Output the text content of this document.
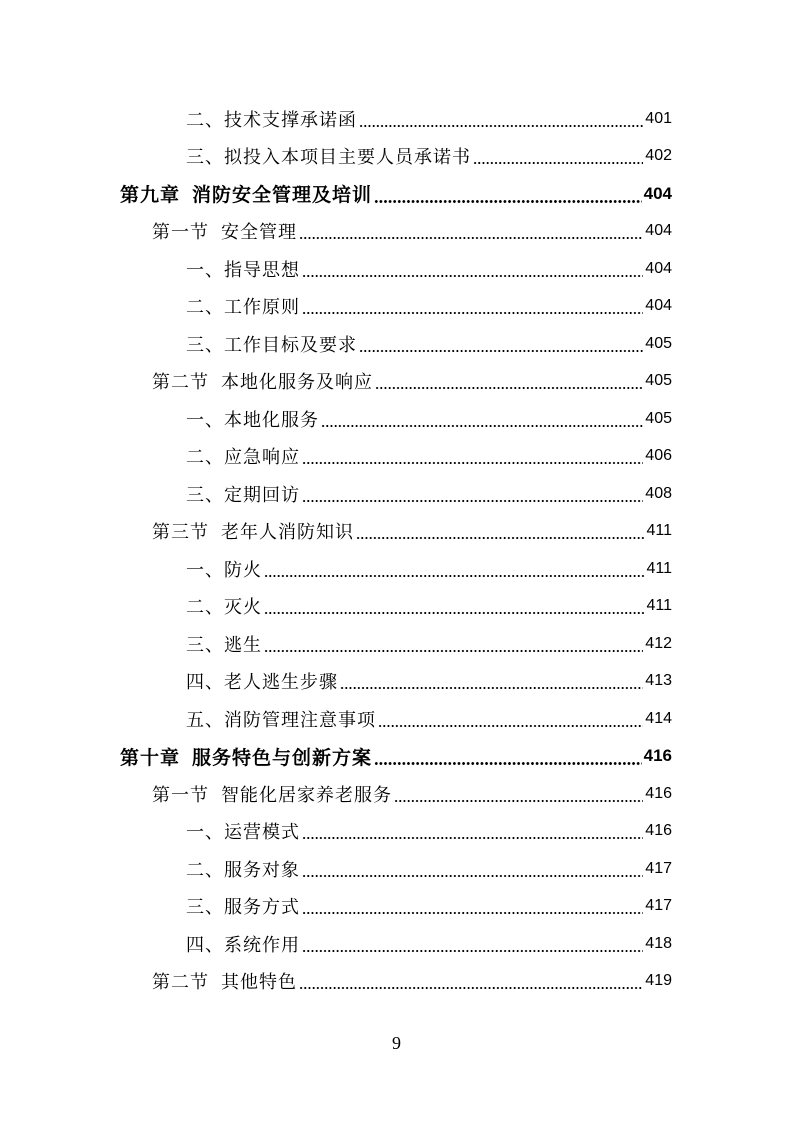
二、技术支撑承诺函	401
三、拟投入本项目主要人员承诺书	402
第九章 消防安全管理及培训	404
第一节 安全管理	404
一、指导思想	404
二、工作原则	404
三、工作目标及要求	405
第二节 本地化服务及响应	405
一、本地化服务	405
二、应急响应	406
三、定期回访	408
第三节 老年人消防知识	411
一、防火	411
二、灭火	411
三、逃生	412
四、老人逃生步骤	413
五、消防管理注意事项	414
第十章 服务特色与创新方案	416
第一节 智能化居家养老服务	416
一、运营模式	416
二、服务对象	417
三、服务方式	417
四、系统作用	418
第二节 其他特色	419
9
